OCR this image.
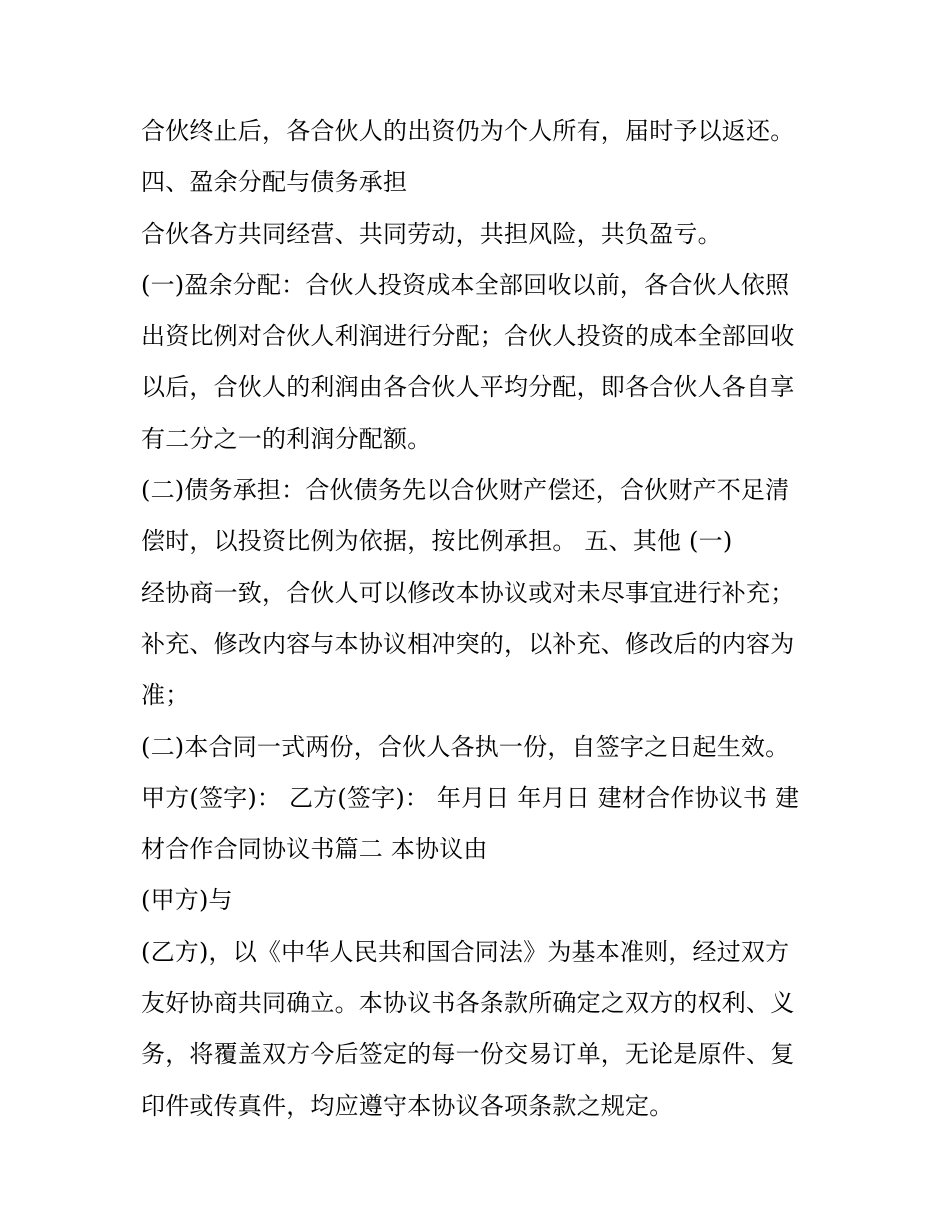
合伙终止后，各合伙人的出资仍为个人所有，届时予以返还。
四、盈余分配与债务承担
合伙各方共同经营、共同劳动，共担风险，共负盈亏。
(一)盈余分配：合伙人投资成本全部回收以前，各合伙人依照
出资比例对合伙人利润进行分配；合伙人投资的成本全部回收
以后，合伙人的利润由各合伙人平均分配，即各合伙人各自享
有二分之一的利润分配额。
(二)债务承担：合伙债务先以合伙财产偿还，合伙财产不足清
偿时，以投资比例为依据，按比例承担。 五、其他 (一)
经协商一致，合伙人可以修改本协议或对未尽事宜进行补充；
补充、修改内容与本协议相冲突的，以补充、修改后的内容为
准；
(二)本合同一式两份，合伙人各执一份，自签字之日起生效。
甲方(签字)： 乙方(签字)： 年月日 年月日 建材合作协议书 建
材合作合同协议书篇二 本协议由
(甲方)与
(乙方)，以《中华人民共和国合同法》为基本准则，经过双方
友好协商共同确立。本协议书各条款所确定之双方的权利、义
务，将覆盖双方今后签定的每一份交易订单，无论是原件、复
印件或传真件，均应遵守本协议各项条款之规定。
